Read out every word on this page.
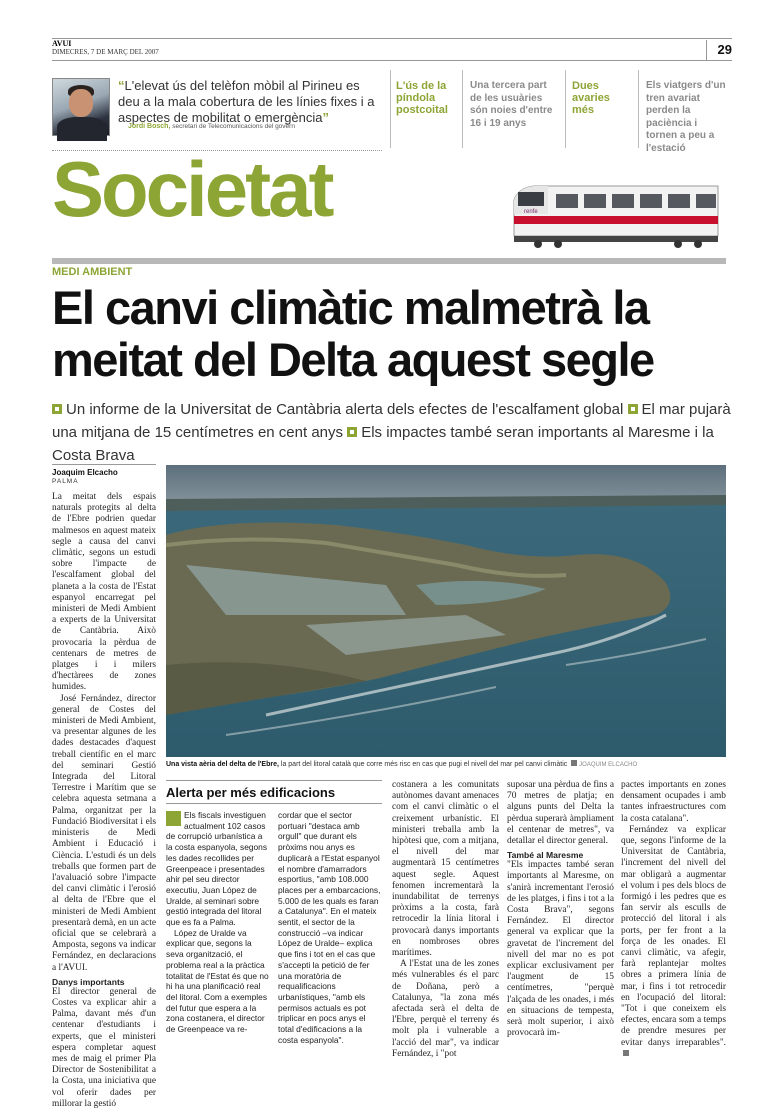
AVUI
DIMECRES, 7 DE MARÇ DEL 2007	29
“L'elevat ús del telèfon mòbil al Pirineu es deu a la mala cobertura de les línies fixes i a aspectes de mobilitat o emergència”
Jordi Bosch, secretari de Telecomunicacions del govern
L'ús de la píndola postcoital
Una tercera part de les usuàries són noies d'entre 16 i 19 anys
Dues avaries més
Els viatgers d'un tren avariat perden la paciència i tornen a peu a l'estació
Societat	renfe
MEDI AMBIENT
El canvi climàtic malmetrà la meitat del Delta aquest segle
Un informe de la Universitat de Cantàbria alerta dels efectes de l'escalfament global El mar pujarà una mitjana de 15 centímetres en cent anys Els impactes també seran importants al Maresme i la Costa Brava
Joaquim Elcacho
PALMA

La meitat dels espais naturals protegits al delta de l'Ebre podrien quedar malmesos en aquest mateix segle a causa del canvi climàtic, segons un estudi sobre l'impacte de l'escalfament global del planeta a la costa de l'Estat espanyol encarregat pel ministeri de Medi Ambient a experts de la Universitat de Cantàbria. Això provocaria la pèrdua de centenars de metres de platges i i milers d'hectàrees de zones humides.

José Fernández, director general de Costes del ministeri de Medi Ambient, va presentar algunes de les dades destacades d'aquest treball científic en el marc del seminari Gestió Integrada del Litoral Terrestre i Marítim que se celebra aquesta setmana a Palma, organitzat per la Fundació Biodiversitat i els ministeris de Medi Ambient i Educació i Ciència. L'estudi és un dels treballs que formen part de l'avaluació sobre l'impacte del canvi climàtic i l'erosió al delta de l'Ebre que el ministeri de Medi Ambient presentarà demà, en un acte oficial que se celebrarà a Amposta, segons va indicar Fernández, en declaracions a l'AVUI.

Danys importants

El director general de Costes va explicar ahir a Palma, davant més d'un centenar d'estudiants i experts, que el ministeri espera completar aquest mes de maig el primer Pla Director de Sostenibilitat a la Costa, una iniciativa que vol oferir dades per millorar la gestió

Una vista aèria del delta de l'Ebre, la part del litoral català que corre més risc en cas que pugi el nivell del mar pel canvi climàtic JOAQUIM ELCACHO
Alerta per més edificacions

Els fiscals investiguen actualment 102 casos de corrupció urbanística a la costa espanyola, segons les dades recollides per Greenpeace i presentades ahir pel seu director executiu, Juan López de Uralde, al seminari sobre gestió integrada del litoral que es fa a Palma.

López de Uralde va explicar que, segons la seva organització, el problema real a la pràctica totalitat de l'Estat és que no hi ha una planificació real del litoral. Com a exemples del futur que espera a la zona costanera, el director de Greenpeace va re-

cordar que el sector portuari "destaca amb orgull" que durant els pròxims nou anys es duplicarà a l'Estat espanyol el nombre d'amarradors esportius, "amb 108.000 places per a embarcacions, 5.000 de les quals es faran a Catalunya". En el mateix sentit, el sector de la construcció –va indicar López de Uralde– explica que fins i tot en el cas que s'accepti la petició de fer una moratòria de requalificacions urbanístiques, "amb els permisos actuals es pot triplicar en pocs anys el total d'edificacions a la costa espanyola".

costanera a les comunitats autònomes davant amenaces com el canvi climàtic o el creixement urbanístic. El ministeri treballa amb la hipòtesi que, com a mitjana, el nivell del mar augmentarà 15 centímetres aquest segle. Aquest fenomen incrementarà la inundabilitat de terrenys pròxims a la costa, farà retrocedir la línia litoral i provocarà danys importants en nombroses obres marítimes.

A l'Estat una de les zones més vulnerables és el parc de Doñana, però a Catalunya, "la zona més afectada serà el delta de l'Ebre, perquè el terreny és molt pla i vulnerable a l'acció del mar", va indicar Fernández, i "pot

suposar una pèrdua de fins a 70 metres de platja; en alguns punts del Delta la pèrdua superarà àmpliament el centenar de metres", va detallar el director general.

També al Maresme

"Els impactes també seran importants al Maresme, on s'anirà incrementant l'erosió de les platges, i fins i tot a la Costa Brava", segons Fernández. El director general va explicar que la gravetat de l'increment del nivell del mar no es pot explicar exclusivament per l'augment de 15 centímetres, "perquè l'alçada de les onades, i més en situacions de tempesta, serà molt superior, i això provocarà im-

pactes importants en zones densament ocupades i amb tantes infraestructures com la costa catalana".

Fernández va explicar que, segons l'informe de la Universitat de Cantàbria, l'increment del nivell del mar obligarà a augmentar el volum i pes dels blocs de formigó i les pedres que es fan servir als esculls de protecció del litoral i als ports, per fer front a la força de les onades. El canvi climàtic, va afegir, farà replantejar moltes obres a primera línia de mar, i fins i tot retrocedir en l'ocupació del litoral: "Tot i que coneixem els efectes, encara som a temps de prendre mesures per evitar danys irreparables".
